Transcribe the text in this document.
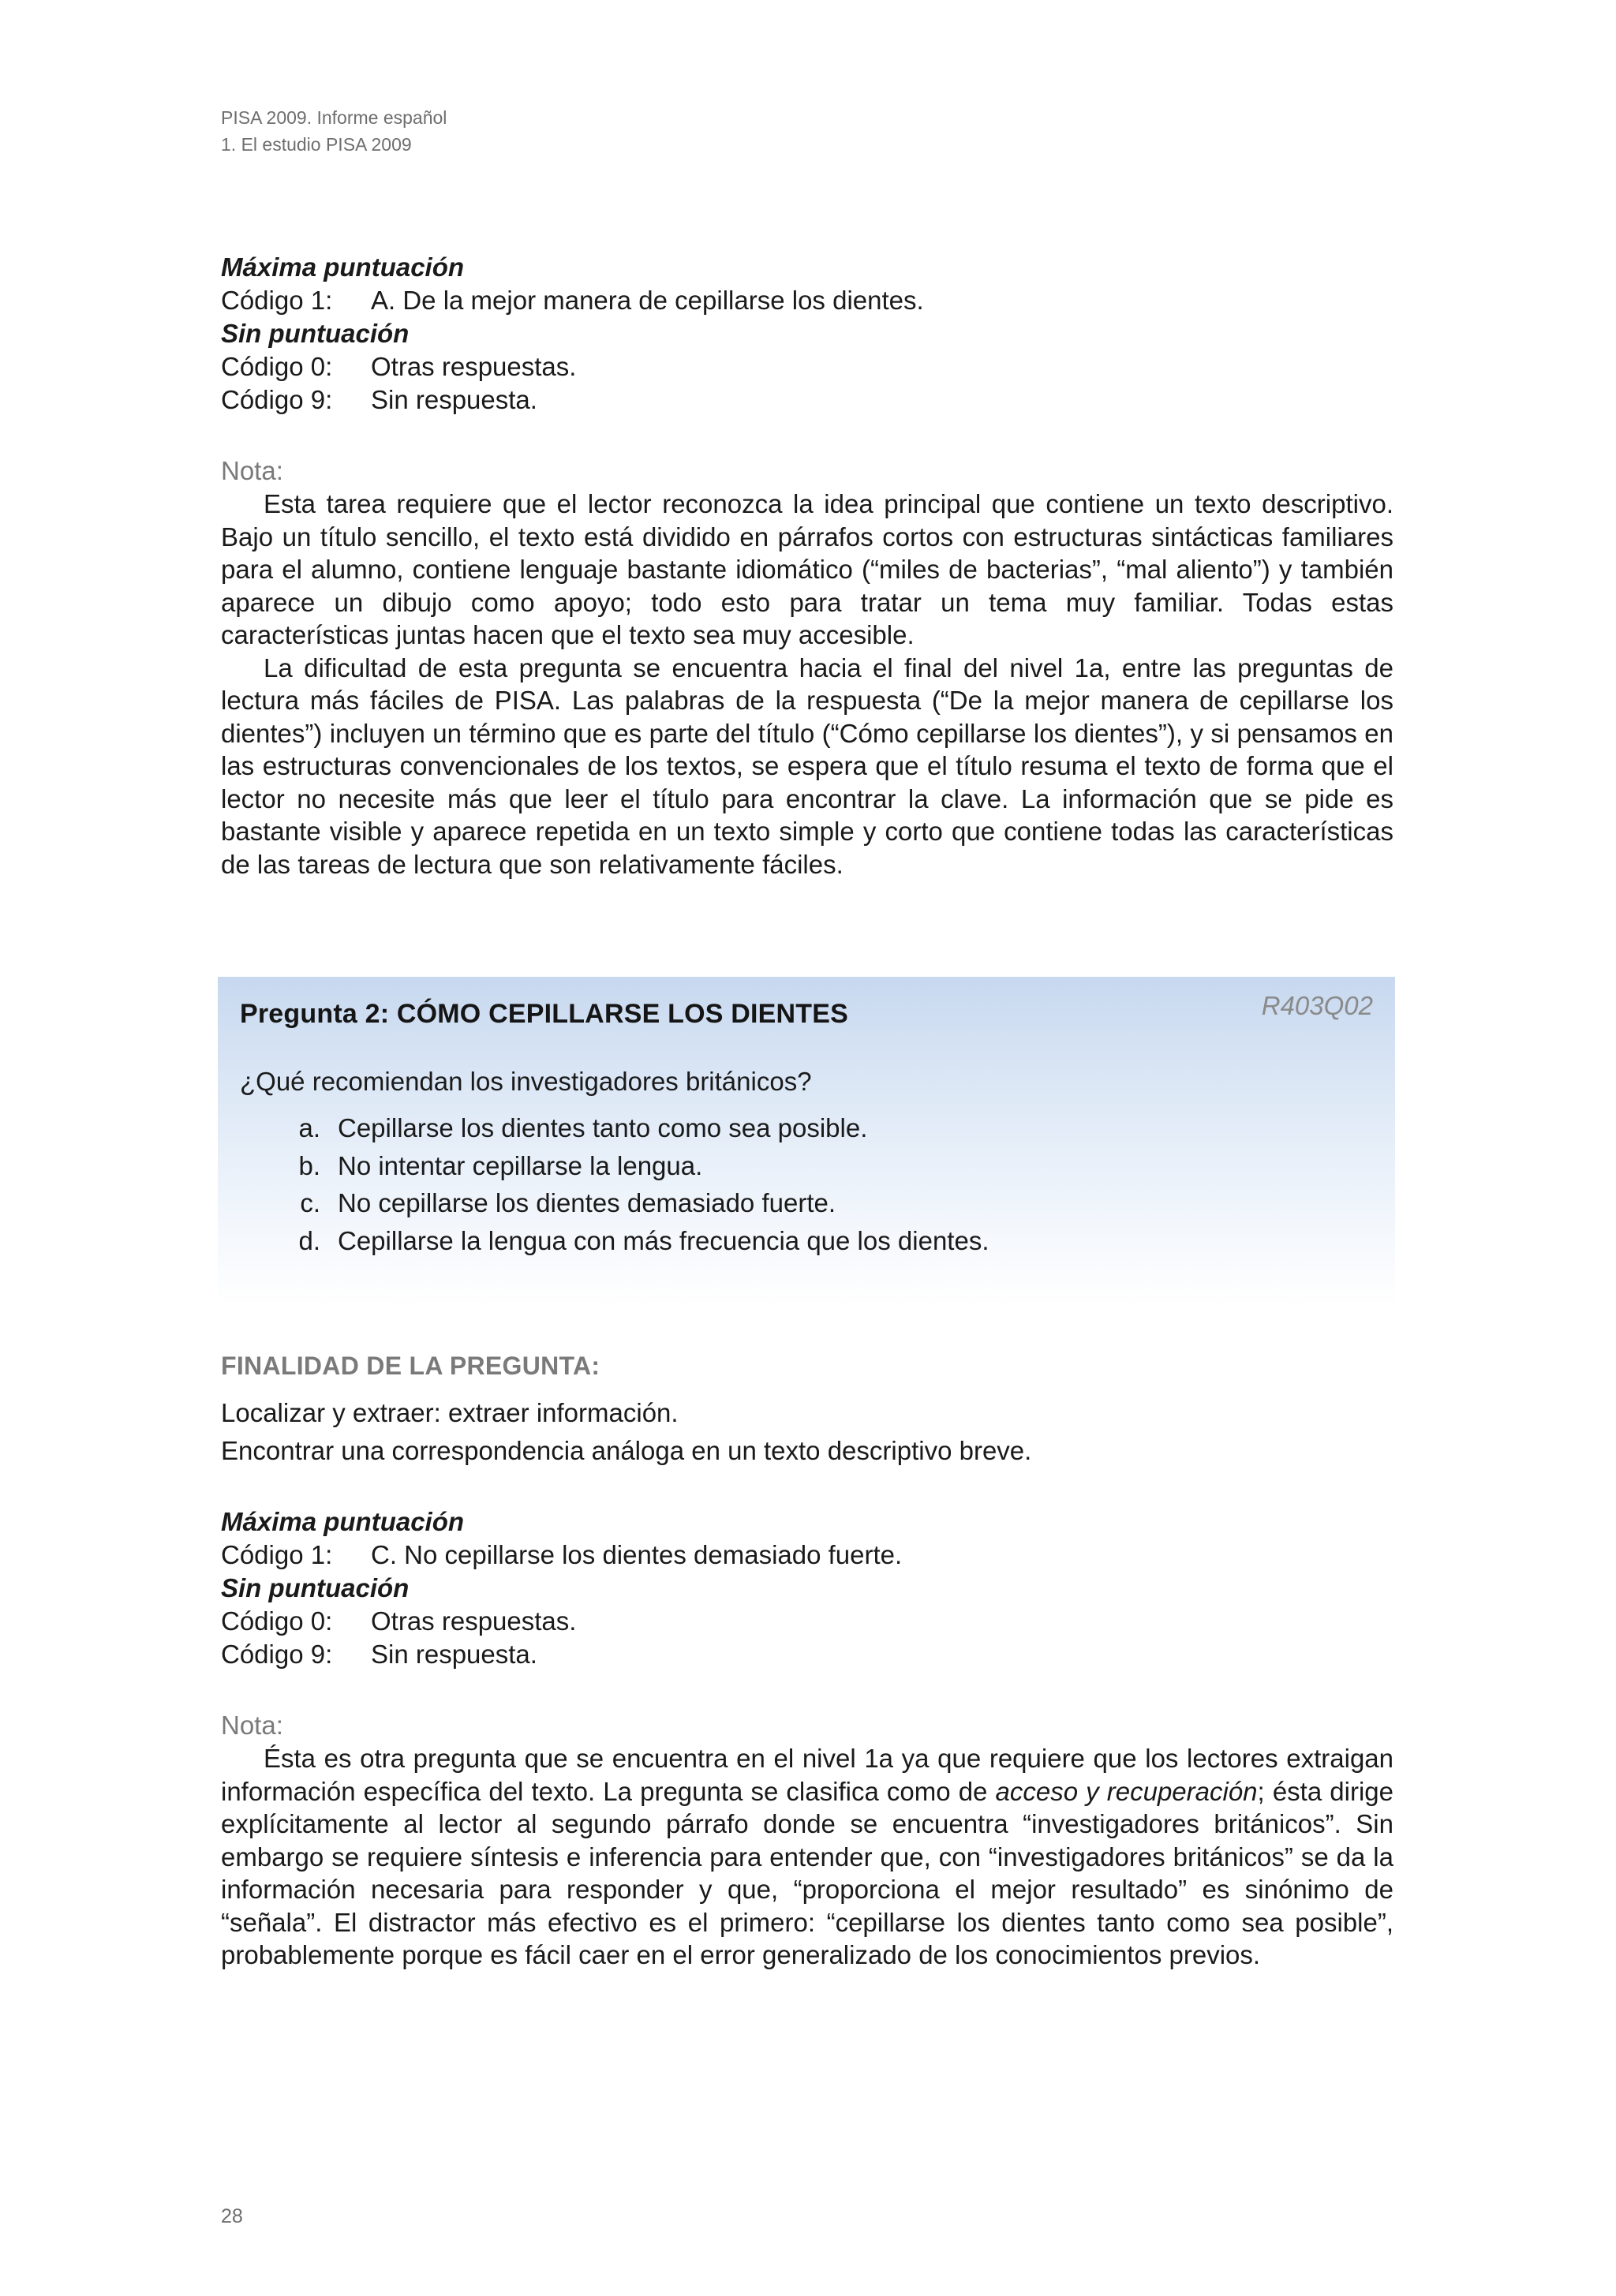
PISA 2009. Informe español
1. El estudio PISA 2009

Máxima puntuación

Código 1:	A. De la mejor manera de cepillarse los dientes.

Sin puntuación

Código 0:	Otras respuestas.
Código 9:	Sin respuesta.
Nota:

Esta tarea requiere que el lector reconozca la idea principal que contiene un texto descriptivo. Bajo un título sencillo, el texto está dividido en párrafos cortos con estructuras sintácticas familiares para el alumno, contiene lenguaje bastante idiomático (“miles de bacterias”, “mal aliento”) y también aparece un dibujo como apoyo; todo esto para tratar un tema muy familiar. Todas estas características juntas hacen que el texto sea muy accesible.

La dificultad de esta pregunta se encuentra hacia el final del nivel 1a, entre las preguntas de lectura más fáciles de PISA. Las palabras de la respuesta (“De la mejor manera de cepillarse los dientes”) incluyen un término que es parte del título (“Cómo cepillarse los dientes”), y si pensamos en las estructuras convencionales de los textos, se espera que el título resuma el texto de forma que el lector no necesite más que leer el título para encontrar la clave. La información que se pide es bastante visible y aparece repetida en un texto simple y corto que contiene todas las características de las tareas de lectura que son relativamente fáciles.

Pregunta 2: CÓMO CEPILLARSE LOS DIENTES	R403Q02
¿Qué recomiendan los investigadores británicos?
a. Cepillarse los dientes tanto como sea posible.
b. No intentar cepillarse la lengua.
c. No cepillarse los dientes demasiado fuerte.
d. Cepillarse la lengua con más frecuencia que los dientes.
FINALIDAD DE LA PREGUNTA:

Localizar y extraer: extraer información.

Encontrar una correspondencia análoga en un texto descriptivo breve.

Máxima puntuación

Código 1:	C. No cepillarse los dientes demasiado fuerte.

Sin puntuación

Código 0:	Otras respuestas.
Código 9:	Sin respuesta.
Nota:

Ésta es otra pregunta que se encuentra en el nivel 1a ya que requiere que los lectores extraigan información específica del texto. La pregunta se clasifica como de acceso y recuperación; ésta dirige explícitamente al lector al segundo párrafo donde se encuentra “investigadores británicos”. Sin embargo se requiere síntesis e inferencia para entender que, con “investigadores británicos” se da la información necesaria para responder y que, “proporciona el mejor resultado” es sinónimo de “señala”. El distractor más efectivo es el primero: “cepillarse los dientes tanto como sea posible”, probablemente porque es fácil caer en el error generalizado de los conocimientos previos.

28
